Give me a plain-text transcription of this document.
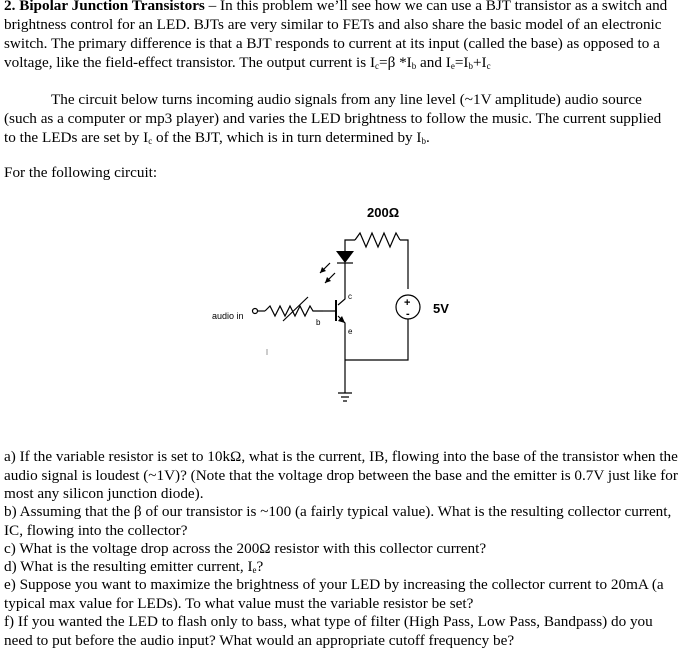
2. Bipolar Junction Transistors – In this problem we’ll see how we can use a BJT transistor as a switch and brightness control for an LED. BJTs are very similar to FETs and also share the basic model of an electronic switch. The primary difference is that a BJT responds to current at its input (called the base) as opposed to a voltage, like the field-effect transistor. The output current is $I_c=\beta$ $*I_b$ and $I_e=I_b+I_c$

The circuit below turns incoming audio signals from any line level (~1V amplitude) audio source (such as a computer or mp3 player) and varies the LED brightness to follow the music. The current supplied to the LEDs are set by $I_c$ of the BJT, which is in turn determined by $I_b$.

For the following circuit:

200Ω
+
- 5V
audio in
c
b
e

a) If the variable resistor is set to 10kΩ, what is the current, IB, flowing into the base of the transistor when the audio signal is loudest (~1V)? (Note that the voltage drop between the base and the emitter is 0.7V just like for most any silicon junction diode).

b) Assuming that the β of our transistor is ~100 (a fairly typical value). What is the resulting collector current, IC, flowing into the collector?

c) What is the voltage drop across the 200Ω resistor with this collector current?

d) What is the resulting emitter current, $I_e$?

e) Suppose you want to maximize the brightness of your LED by increasing the collector current to 20mA (a typical max value for LEDs). To what value must the variable resistor be set?

f) If you wanted the LED to flash only to bass, what type of filter (High Pass, Low Pass, Bandpass) do you need to put before the audio input? What would an appropriate cutoff frequency be?
